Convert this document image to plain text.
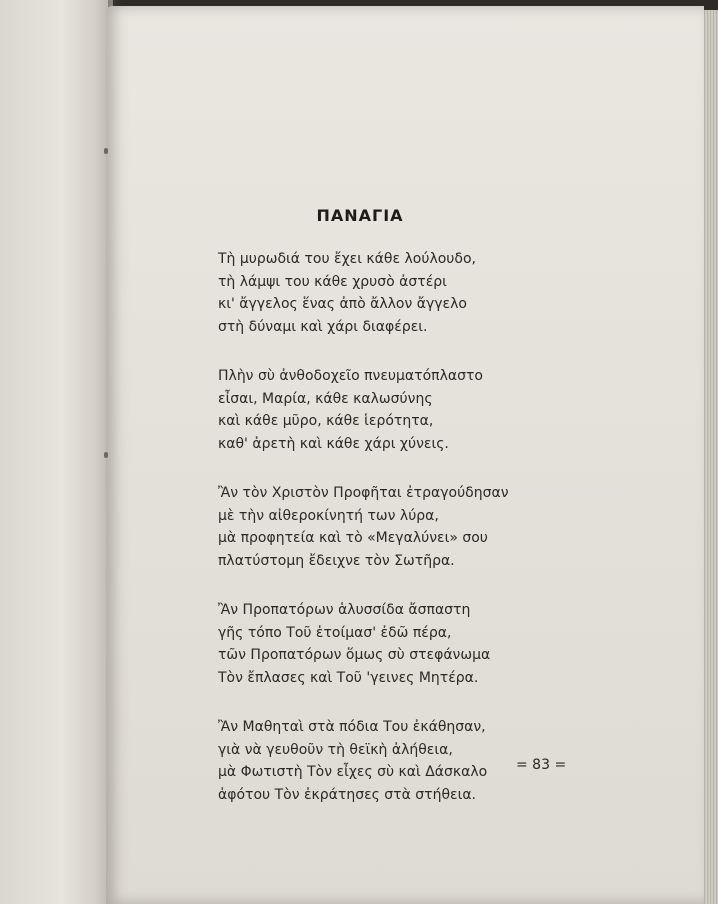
ΠΑΝΑΓΙΑ
Τὴ μυρωδιά του ἔχει κάθε λούλουδο,
τὴ λάμψι του κάθε χρυσὸ ἀστέρι
κι' ἄγγελος ἕνας ἀπὸ ἄλλον ἄγγελο
στὴ δύναμι καὶ χάρι διαφέρει.
Πλὴν σὺ ἀνθοδοχεῖο πνευματόπλαστο
εἶσαι, Μαρία, κάθε καλωσύνης
καὶ κάθε μῦρο, κάθε ἱερότητα,
καθ' ἀρετὴ καὶ κάθε χάρι χύνεις.
Ἂν τὸν Χριστὸν Προφῆται ἐτραγούδησαν
μὲ τὴν αἰθεροκίνητή των λύρα,
μὰ προφητεία καὶ τὸ «Μεγαλύνει» σου
πλατύστομη ἔδειχνε τὸν Σωτῆρα.
Ἂν Προπατόρων ἁλυσσίδα ἄσπαστη
γῆς τόπο Τοῦ ἑτοίμασ' ἐδῶ πέρα,
τῶν Προπατόρων ὅμως σὺ στεφάνωμα
Τὸν ἔπλασες καὶ Τοῦ 'γεινες Μητέρα.
Ἂν Μαθηταὶ στὰ πόδια Του ἐκάθησαν,
γιὰ νὰ γευθοῦν τὴ θεϊκὴ ἀλήθεια,
μὰ Φωτιστὴ Τὸν εἶχες σὺ καὶ Δάσκαλο
ἀφότου Τὸν ἐκράτησες στὰ στήθεια.
= 83 =
